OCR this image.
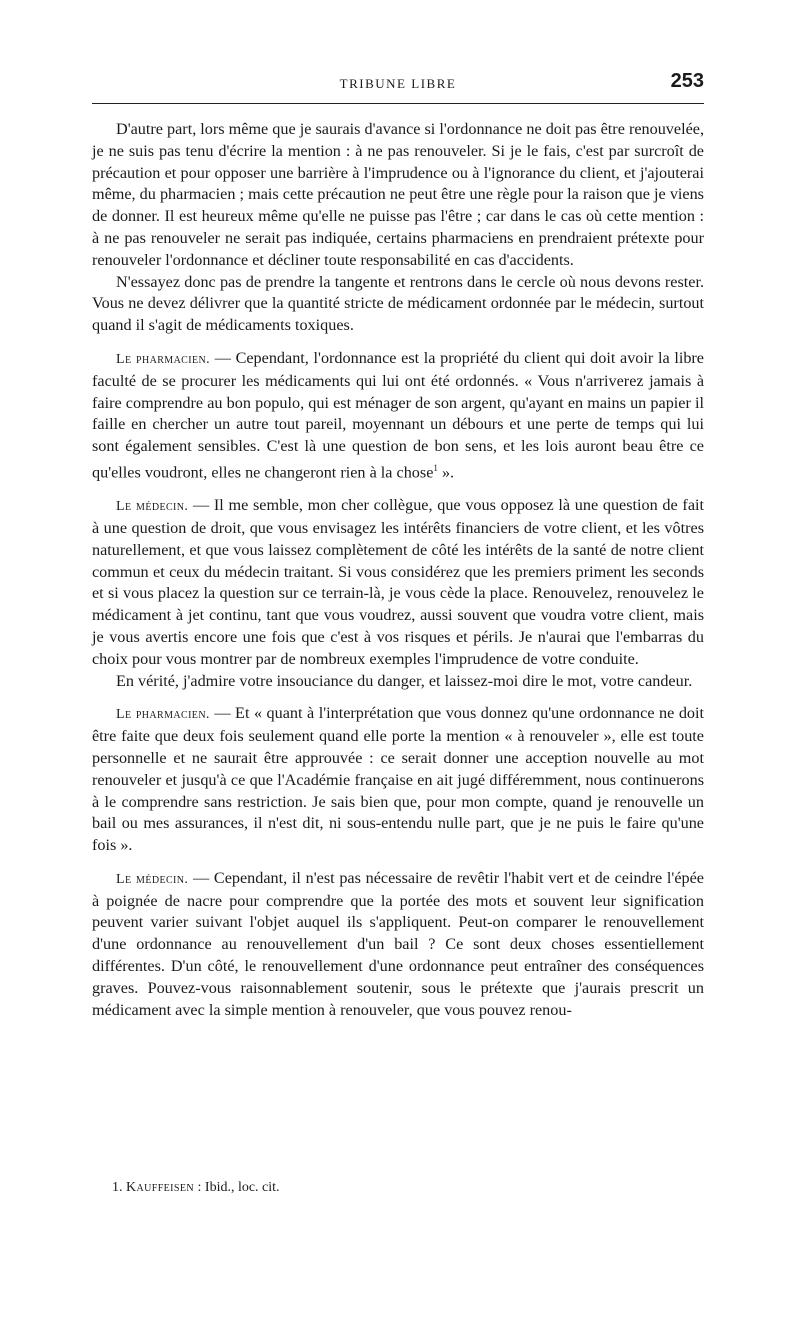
TRIBUNE LIBRE	253

D'autre part, lors même que je saurais d'avance si l'ordonnance ne doit pas être renouvelée, je ne suis pas tenu d'écrire la mention : à ne pas renouveler. Si je le fais, c'est par surcroît de précaution et pour opposer une barrière à l'imprudence ou à l'ignorance du client, et j'ajouterai même, du pharmacien ; mais cette précaution ne peut être une règle pour la raison que je viens de donner. Il est heureux même qu'elle ne puisse pas l'être ; car dans le cas où cette mention : à ne pas renouveler ne serait pas indiquée, certains pharmaciens en prendraient prétexte pour renouveler l'ordonnance et décliner toute responsabilité en cas d'accidents.

N'essayez donc pas de prendre la tangente et rentrons dans le cercle où nous devons rester. Vous ne devez délivrer que la quantité stricte de médicament ordonnée par le médecin, surtout quand il s'agit de médicaments toxiques.

Le pharmacien. — Cependant, l'ordonnance est la propriété du client qui doit avoir la libre faculté de se procurer les médicaments qui lui ont été ordonnés. « Vous n'arriverez jamais à faire comprendre au bon populo, qui est ménager de son argent, qu'ayant en mains un papier il faille en chercher un autre tout pareil, moyennant un débours et une perte de temps qui lui sont également sensibles. C'est là une question de bon sens, et les lois auront beau être ce qu'elles voudront, elles ne changeront rien à la chose$^1$ ».

Le médecin. — Il me semble, mon cher collègue, que vous opposez là une question de fait à une question de droit, que vous envisagez les intérêts financiers de votre client, et les vôtres naturellement, et que vous laissez complètement de côté les intérêts de la santé de notre client commun et ceux du médecin traitant. Si vous considérez que les premiers priment les seconds et si vous placez la question sur ce terrain-là, je vous cède la place. Renouvelez, renouvelez le médicament à jet continu, tant que vous voudrez, aussi souvent que voudra votre client, mais je vous avertis encore une fois que c'est à vos risques et périls. Je n'aurai que l'embarras du choix pour vous montrer par de nombreux exemples l'imprudence de votre conduite.

En vérité, j'admire votre insouciance du danger, et laissez-moi dire le mot, votre candeur.

Le pharmacien. — Et « quant à l'interprétation que vous donnez qu'une ordonnance ne doit être faite que deux fois seulement quand elle porte la mention « à renouveler », elle est toute personnelle et ne saurait être approuvée : ce serait donner une acception nouvelle au mot renouveler et jusqu'à ce que l'Académie française en ait jugé différemment, nous continuerons à le comprendre sans restriction. Je sais bien que, pour mon compte, quand je renouvelle un bail ou mes assurances, il n'est dit, ni sous-entendu nulle part, que je ne puis le faire qu'une fois ».

Le médecin. — Cependant, il n'est pas nécessaire de revêtir l'habit vert et de ceindre l'épée à poignée de nacre pour comprendre que la portée des mots et souvent leur signification peuvent varier suivant l'objet auquel ils s'appliquent. Peut-on comparer le renouvellement d'une ordonnance au renouvellement d'un bail ? Ce sont deux choses essentiellement différentes. D'un côté, le renouvellement d'une ordonnance peut entraîner des conséquences graves. Pouvez-vous raisonnablement soutenir, sous le prétexte que j'aurais prescrit un médicament avec la simple mention à renouveler, que vous pouvez renou-

1. Kauffeisen : Ibid., loc. cit.
